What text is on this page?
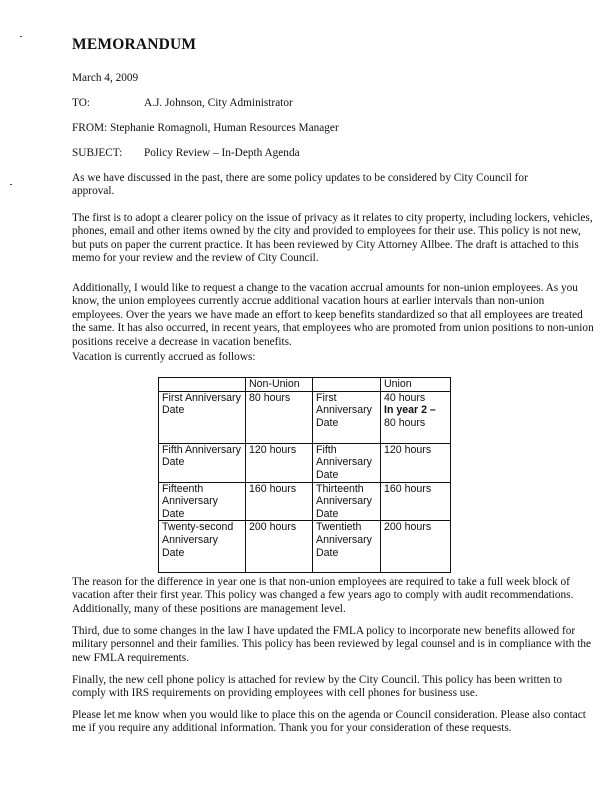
MEMORANDUM
March 4, 2009
TO:	A.J. Johnson, City Administrator
FROM: Stephanie Romagnoli, Human Resources Manager
SUBJECT: Policy Review – In-Depth Agenda
As we have discussed in the past, there are some policy updates to be considered by City Council for approval.
The first is to adopt a clearer policy on the issue of privacy as it relates to city property, including lockers, vehicles, phones, email and other items owned by the city and provided to employees for their use. This policy is not new, but puts on paper the current practice. It has been reviewed by City Attorney Allbee. The draft is attached to this memo for your review and the review of City Council.
Additionally, I would like to request a change to the vacation accrual amounts for non-union employees. As you know, the union employees currently accrue additional vacation hours at earlier intervals than non-union employees. Over the years we have made an effort to keep benefits standardized so that all employees are treated the same. It has also occurred, in recent years, that employees who are promoted from union positions to non-union positions receive a decrease in vacation benefits.
Vacation is currently accrued as follows:
	Non-Union		Union
First Anniversary Date	80 hours	First Anniversary Date	40 hours
In year 2 –
80 hours

Fifth Anniversary Date	120 hours	Fifth Anniversary Date	120 hours
Fifteenth Anniversary Date	160 hours	Thirteenth Anniversary Date	160 hours
Twenty-second Anniversary Date	200 hours	Twentieth Anniversary Date	200 hours
The reason for the difference in year one is that non-union employees are required to take a full week block of vacation after their first year. This policy was changed a few years ago to comply with audit recommendations. Additionally, many of these positions are management level.
Third, due to some changes in the law I have updated the FMLA policy to incorporate new benefits allowed for military personnel and their families. This policy has been reviewed by legal counsel and is in compliance with the new FMLA requirements.
Finally, the new cell phone policy is attached for review by the City Council. This policy has been written to comply with IRS requirements on providing employees with cell phones for business use.
Please let me know when you would like to place this on the agenda or Council consideration. Please also contact me if you require any additional information. Thank you for your consideration of these requests.
